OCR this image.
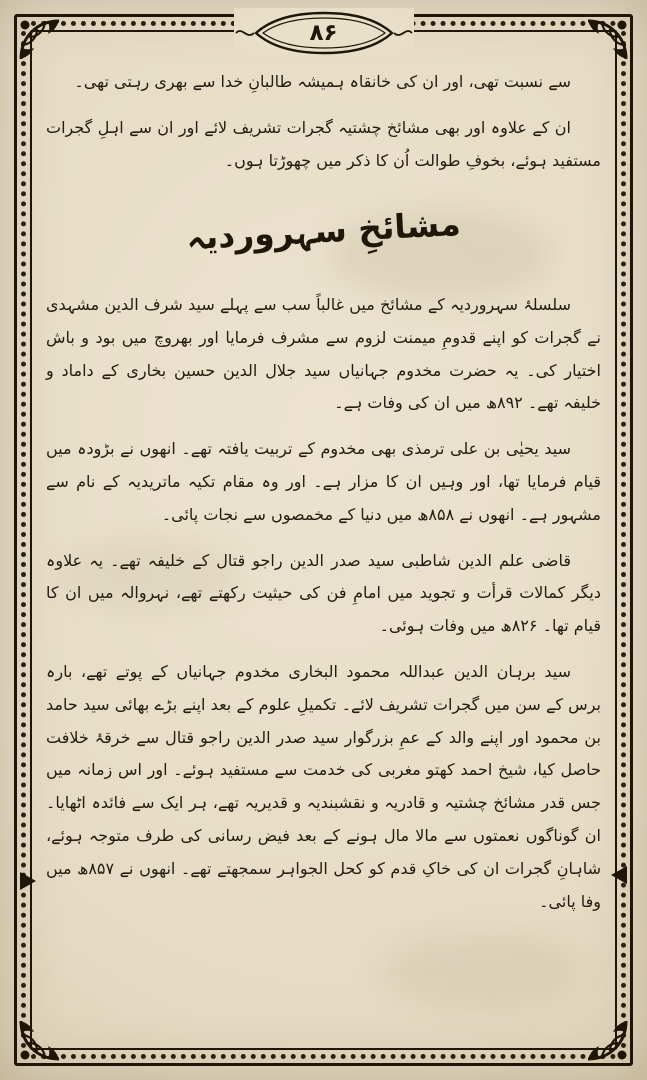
۸۶

سے نسبت تھی، اور ان کی خانقاہ ہمیشہ طالبانِ خدا سے بھری رہتی تھی۔

ان کے علاوہ اور بھی مشائخ چشتیہ گجرات تشریف لائے اور ان سے اہلِ گجرات مستفید ہوئے، بخوفِ طوالت اُن کا ذکر میں چھوڑتا ہوں۔

مشائخِ سہروردیہ

سلسلۂ سہروردیہ کے مشائخ میں غالباً سب سے پہلے سید شرف الدین مشہدی نے گجرات کو اپنے قدومِ میمنت لزوم سے مشرف فرمایا اور بھروچ میں بود و باش اختیار کی۔ یہ حضرت مخدوم جہانیاں سید جلال الدین حسین بخاری کے داماد و خلیفہ تھے۔ ۸۹۲ھ میں ان کی وفات ہے۔

سید یحیٰی بن علی ترمذی بھی مخدوم کے تربیت یافتہ تھے۔ انھوں نے بڑودہ میں قیام فرمایا تھا، اور وہیں ان کا مزار ہے۔ اور وہ مقام تکیہ ماتریدیہ کے نام سے مشہور ہے۔ انھوں نے ۸۵۸ھ میں دنیا کے مخمصوں سے نجات پائی۔

قاضی علم الدین شاطبی سید صدر الدین راجو قتال کے خلیفہ تھے۔ یہ علاوہ دیگر کمالات قرأت و تجوید میں امامِ فن کی حیثیت رکھتے تھے، نہروالہ میں ان کا قیام تھا۔ ۸۲۶ھ میں وفات ہوئی۔

سید برہان الدین عبداللہ محمود البخاری مخدوم جہانیاں کے پوتے تھے، بارہ برس کے سن میں گجرات تشریف لائے۔ تکمیلِ علوم کے بعد اپنے بڑے بھائی سید حامد بن محمود اور اپنے والد کے عمِ بزرگوار سید صدر الدین راجو قتال سے خرقۂ خلافت حاصل کیا، شیخ احمد کھتو مغربی کی خدمت سے مستفید ہوئے۔ اور اس زمانہ میں جس قدر مشائخ چشتیہ و قادریہ و نقشبندیہ و قدیریہ تھے، ہر ایک سے فائدہ اٹھایا۔ ان گوناگوں نعمتوں سے مالا مال ہونے کے بعد فیض رسانی کی طرف متوجہ ہوئے، شاہانِ گجرات ان کی خاکِ قدم کو کحل الجواہر سمجھتے تھے۔ انھوں نے ۸۵۷ھ میں وفا پائی۔
